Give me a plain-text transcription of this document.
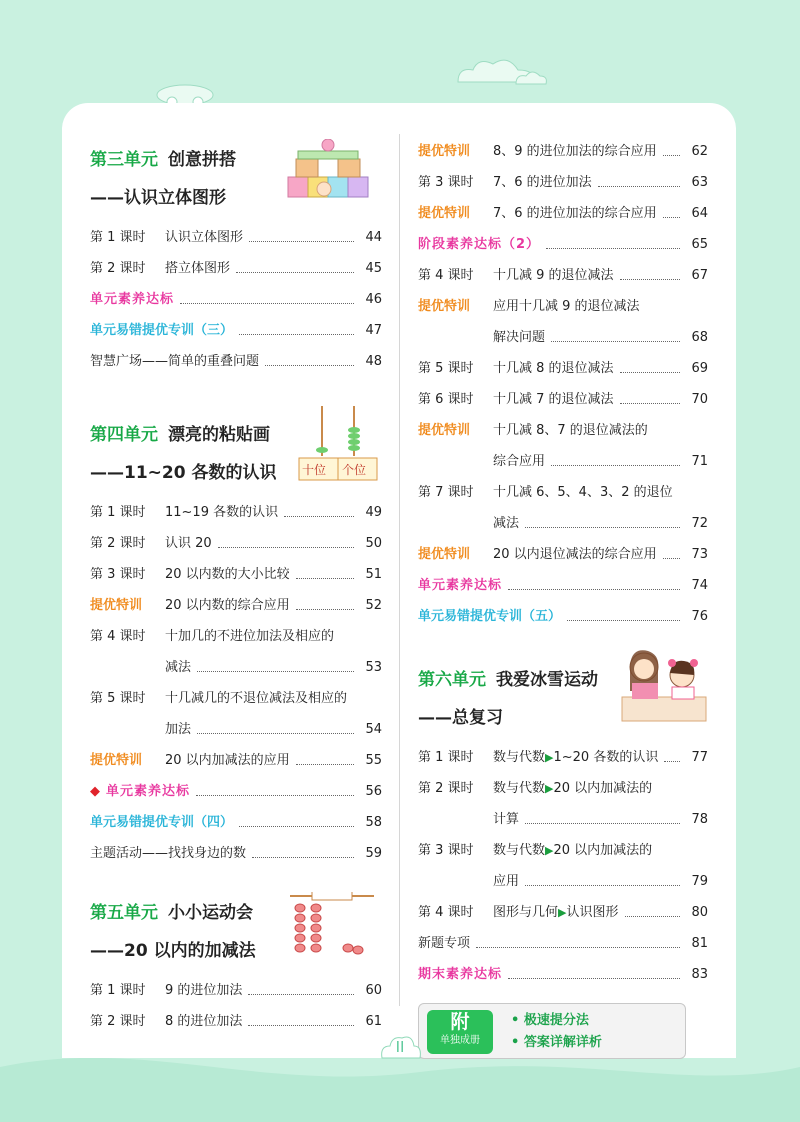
第三单元 创意拼搭
——认识立体图形
第 1 课时	认识立体图形	44
第 2 课时	搭立体图形	45
单元素养达标	46
单元易错提优专训（三）	47
智慧广场——简单的重叠问题	48
第四单元 漂亮的粘贴画
——11~20 各数的认识	十位 个位
第 1 课时	11~19 各数的认识	49
第 2 课时	认识 20	50
第 3 课时	20 以内数的大小比较	51
提优特训	20 以内数的综合应用	52
第 4 课时	十加几的不进位加法及相应的
减法	53
第 5 课时	十几减几的不退位减法及相应的
加法	54
提优特训	20 以内加减法的应用	55
◆ 单元素养达标	56
单元易错提优专训（四）	58
主题活动——找找身边的数	59
第五单元 小小运动会
——20 以内的加减法
第 1 课时	9 的进位加法	60
第 2 课时	8 的进位加法	61
提优特训	8、9 的进位加法的综合应用	62
第 3 课时	7、6 的进位加法	63
提优特训	7、6 的进位加法的综合应用	64
阶段素养达标（2）	65
第 4 课时	十几减 9 的退位减法	67
提优特训	应用十几减 9 的退位减法
解决问题	68
第 5 课时	十几减 8 的退位减法	69
第 6 课时	十几减 7 的退位减法	70
提优特训	十几减 8、7 的退位减法的
综合应用	71
第 7 课时	十几减 6、5、4、3、2 的退位
减法	72
提优特训	20 以内退位减法的综合应用	73
单元素养达标	74
单元易错提优专训（五）	76
第六单元 我爱冰雪运动
——总复习
第 1 课时	数与代数 ▶ 1~20 各数的认识	77
第 2 课时	数与代数 ▶ 20 以内加减法的
计算	78
第 3 课时	数与代数 ▶ 20 以内加减法的
应用	79
第 4 课时	图形与几何 ▶ 认识图形	80
新题专项	81
期末素养达标	83
附
单独成册
• 极速提分法
• 答案详解详析
II
